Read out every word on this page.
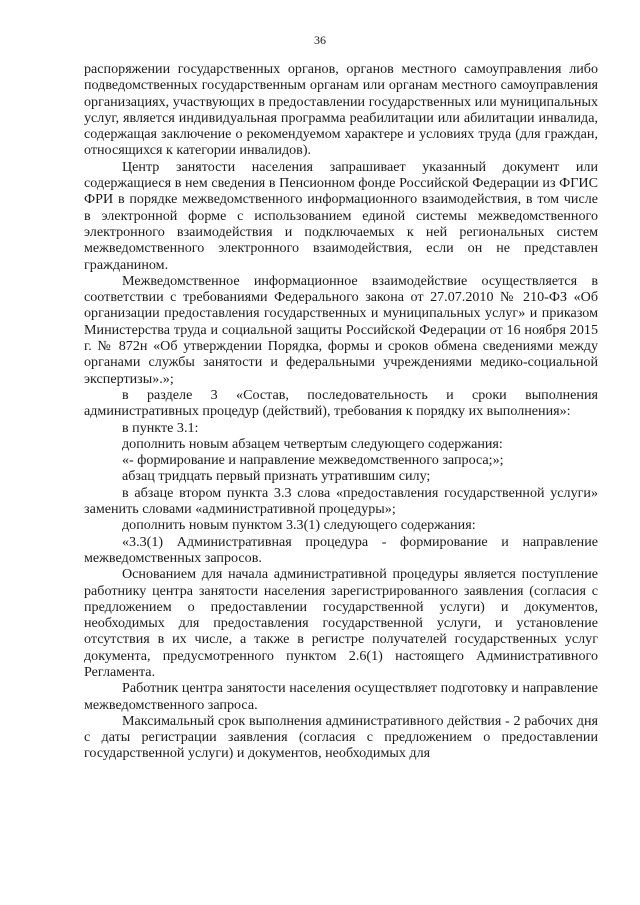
36

распоряжении государственных органов, органов местного самоуправления либо подведомственных государственным органам или органам местного самоуправления организациях, участвующих в предоставлении государственных или муниципальных услуг, является индивидуальная программа реабилитации или абилитации инвалида, содержащая заключение о рекомендуемом характере и условиях труда (для граждан, относящихся к категории инвалидов).

Центр занятости населения запрашивает указанный документ или содержащиеся в нем сведения в Пенсионном фонде Российской Федерации из ФГИС ФРИ в порядке межведомственного информационного взаимодействия, в том числе в электронной форме с использованием единой системы межведомственного электронного взаимодействия и подключаемых к ней региональных систем межведомственного электронного взаимодействия, если он не представлен гражданином.

Межведомственное информационное взаимодействие осуществляется в соответствии с требованиями Федерального закона от 27.07.2010 № 210-ФЗ «Об организации предоставления государственных и муниципальных услуг» и приказом Министерства труда и социальной защиты Российской Федерации от 16 ноября 2015 г. № 872н «Об утверждении Порядка, формы и сроков обмена сведениями между органами службы занятости и федеральными учреждениями медико-социальной экспертизы».»;

в разделе 3 «Состав, последовательность и сроки выполнения административных процедур (действий), требования к порядку их выполнения»:

в пункте 3.1:

дополнить новым абзацем четвертым следующего содержания:

«- формирование и направление межведомственного запроса;»;

абзац тридцать первый признать утратившим силу;

в абзаце втором пункта 3.3 слова «предоставления государственной услуги» заменить словами «административной процедуры»;

дополнить новым пунктом 3.3(1) следующего содержания:

«3.3(1) Административная процедура - формирование и направление межведомственных запросов.

Основанием для начала административной процедуры является поступление работнику центра занятости населения зарегистрированного заявления (согласия с предложением о предоставлении государственной услуги) и документов, необходимых для предоставления государственной услуги, и установление отсутствия в их числе, а также в регистре получателей государственных услуг документа, предусмотренного пунктом 2.6(1) настоящего Административного Регламента.

Работник центра занятости населения осуществляет подготовку и направление межведомственного запроса.

Максимальный срок выполнения административного действия - 2 рабочих дня с даты регистрации заявления (согласия с предложением о предоставлении государственной услуги) и документов, необходимых для
